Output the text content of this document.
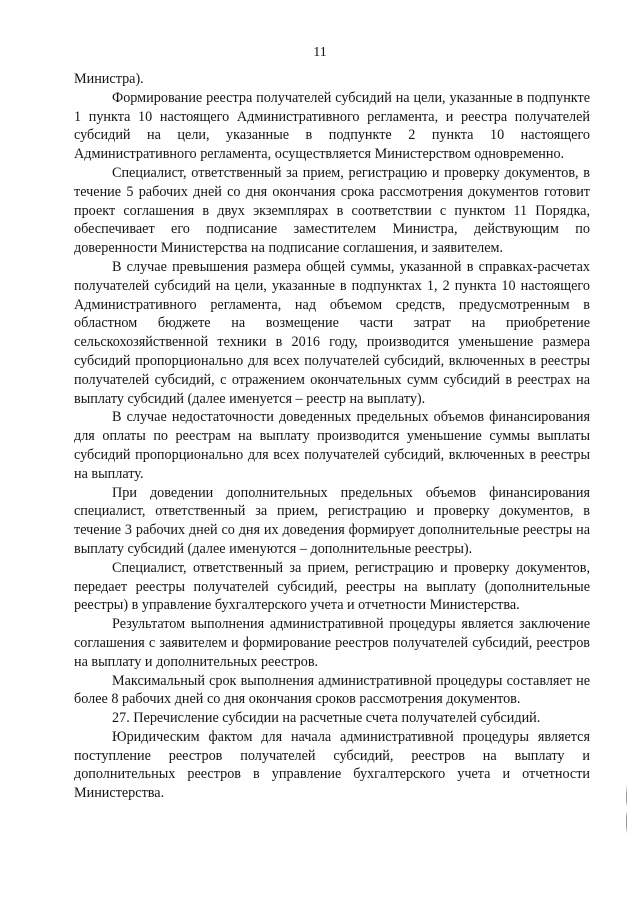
11

Министра).

Формирование реестра получателей субсидий на цели, указанные в подпункте 1 пункта 10 настоящего Административного регламента, и реестра получателей субсидий на цели, указанные в подпункте 2 пункта 10 настоящего Административного регламента, осуществляется Министерством одновременно.

Специалист, ответственный за прием, регистрацию и проверку документов, в течение 5 рабочих дней со дня окончания срока рассмотрения документов готовит проект соглашения в двух экземплярах в соответствии с пунктом 11 Порядка, обеспечивает его подписание заместителем Министра, действующим по доверенности Министерства на подписание соглашения, и заявителем.

В случае превышения размера общей суммы, указанной в справках-расчетах получателей субсидий на цели, указанные в подпунктах 1, 2 пункта 10 настоящего Административного регламента, над объемом средств, предусмотренным в областном бюджете на возмещение части затрат на приобретение сельскохозяйственной техники в 2016 году, производится уменьшение размера субсидий пропорционально для всех получателей субсидий, включенных в реестры получателей субсидий, с отражением окончательных сумм субсидий в реестрах на выплату субсидий (далее именуется – реестр на выплату).

В случае недостаточности доведенных предельных объемов финансирования для оплаты по реестрам на выплату производится уменьшение суммы выплаты субсидий пропорционально для всех получателей субсидий, включенных в реестры на выплату.

При доведении дополнительных предельных объемов финансирования специалист, ответственный за прием, регистрацию и проверку документов, в течение 3 рабочих дней со дня их доведения формирует дополнительные реестры на выплату субсидий (далее именуются – дополнительные реестры).

Специалист, ответственный за прием, регистрацию и проверку документов, передает реестры получателей субсидий, реестры на выплату (дополнительные реестры) в управление бухгалтерского учета и отчетности Министерства.

Результатом выполнения административной процедуры является заключение соглашения с заявителем и формирование реестров получателей субсидий, реестров на выплату и дополнительных реестров.

Максимальный срок выполнения административной процедуры составляет не более 8 рабочих дней со дня окончания сроков рассмотрения документов.

27. Перечисление субсидии на расчетные счета получателей субсидий.

Юридическим фактом для начала административной процедуры является поступление реестров получателей субсидий, реестров на выплату и дополнительных реестров в управление бухгалтерского учета и отчетности Министерства.
